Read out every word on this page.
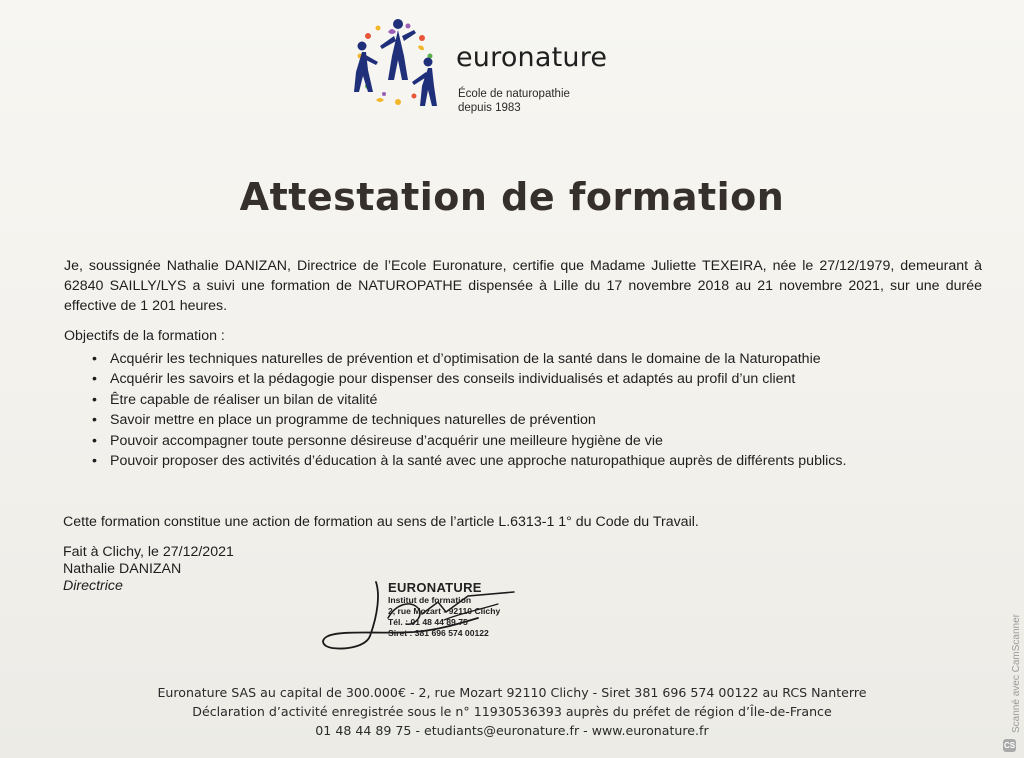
euronature
École de naturopathie
depuis 1983
Attestation de formation
Je, soussignée Nathalie DANIZAN, Directrice de l’Ecole Euronature, certifie que Madame Juliette TEXEIRA, née le 27/12/1979, demeurant à 62840 SAILLY/LYS a suivi une formation de NATUROPATHE dispensée à Lille du 17 novembre 2018 au 21 novembre 2021, sur une durée effective de 1 201 heures.
Objectifs de la formation :
• Acquérir les techniques naturelles de prévention et d’optimisation de la santé dans le domaine de la Naturopathie
• Acquérir les savoirs et la pédagogie pour dispenser des conseils individualisés et adaptés au profil d’un client
• Être capable de réaliser un bilan de vitalité
• Savoir mettre en place un programme de techniques naturelles de prévention
• Pouvoir accompagner toute personne désireuse d’acquérir une meilleure hygiène de vie
• Pouvoir proposer des activités d’éducation à la santé avec une approche naturopathique auprès de différents publics.
Cette formation constitue une action de formation au sens de l’article L.6313-1 1° du Code du Travail.
Fait à Clichy, le 27/12/2021
Nathalie DANIZAN
Directrice	EURONATURE
Institut de formation
2, rue Mozart - 92110 Clichy
Tél. : 01 48 44 89 75
Siret : 381 696 574 00122
Euronature SAS au capital de 300.000€ - 2, rue Mozart 92110 Clichy - Siret 381 696 574 00122 au RCS Nanterre
Déclaration d’activité enregistrée sous le n° 11930536393 auprès du préfet de région d’Île-de-France
01 48 44 89 75 - etudiants@euronature.fr - www.euronature.fr	Scanné avec CamScanner
CS
